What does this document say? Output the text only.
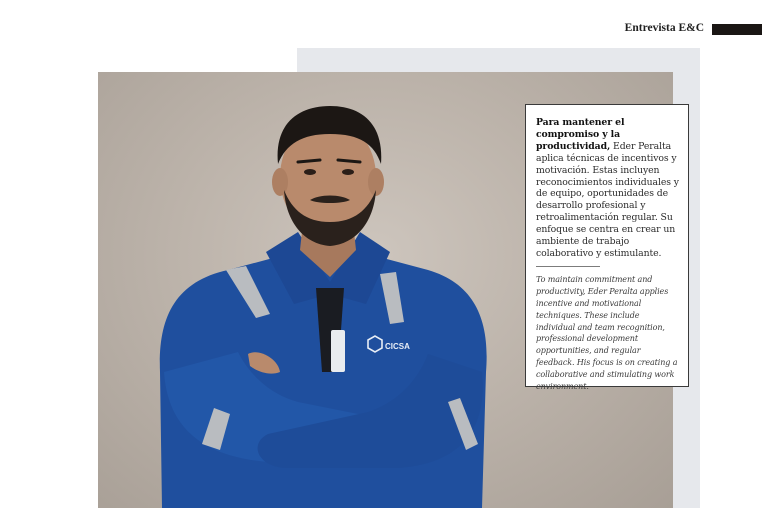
Entrevista E&C
CICSA

Para mantener el compromiso y la productividad, Eder Peralta aplica técnicas de incentivos y motivación. Estas incluyen reconocimientos individuales y de equipo, oportunidades de desarrollo profesional y retroalimentación regular. Su enfoque se centra en crear un ambiente de trabajo colaborativo y estimulante.

To maintain commitment and productivity, Eder Peralta applies incentive and motivational techniques. These include individual and team recognition, professional development opportunities, and regular feedback. His focus is on creating a collaborative and stimulating work environment.
